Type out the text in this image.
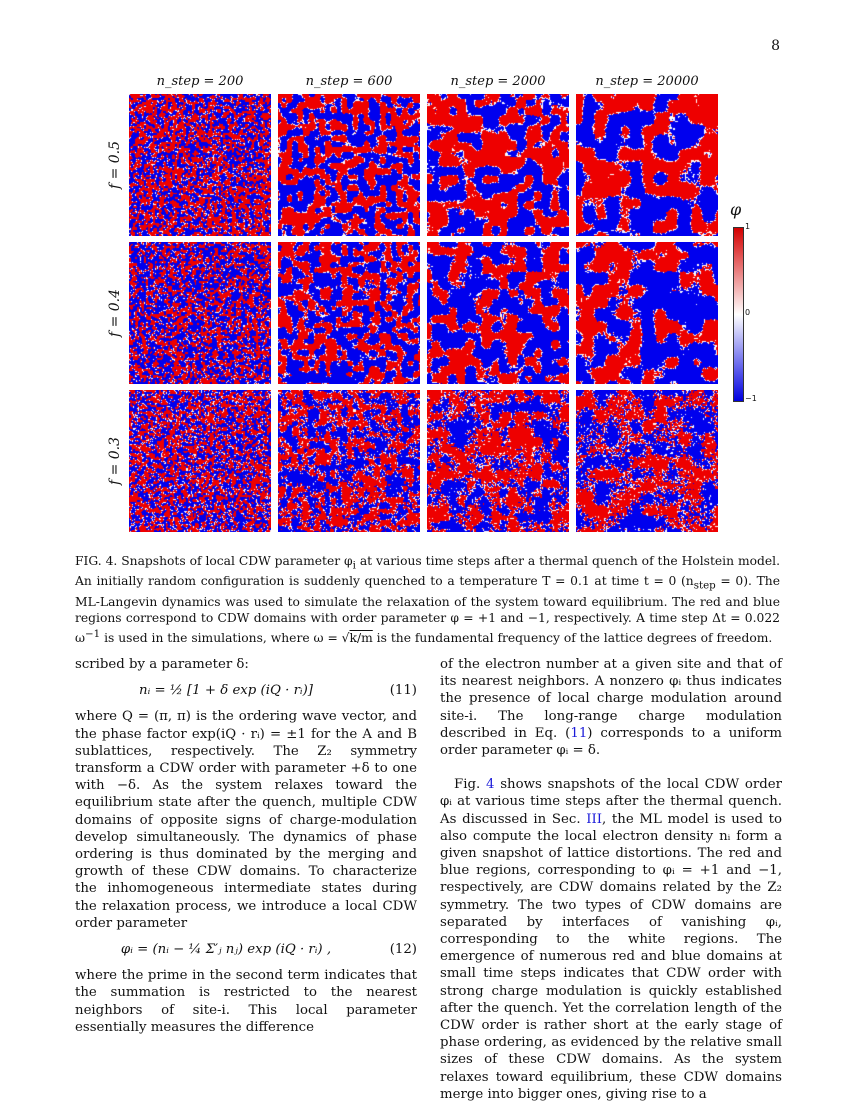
8
n_step = 200	n_step = 600	n_step = 2000	n_step = 20000
f = 0.5
f = 0.4
f = 0.3
φ
1
0
−1
FIG. 4. Snapshots of local CDW parameter $\varphi_i$ at various time steps after a thermal quench of the Holstein model. An initially random configuration is suddenly quenched to a temperature T = 0.1 at time t = 0 $(n_{step} = 0)$. The ML-Langevin dynamics was used to simulate the relaxation of the system toward equilibrium. The red and blue regions correspond to CDW domains with order parameter φ = +1 and −1, respectively. A time step Δt = 0.022 $\omega^{-1}$ is used in the simulations, where ω = √k/m is the fundamental frequency of the lattice degrees of freedom.

scribed by a parameter δ:

nᵢ = ½ [1 + δ exp (iQ · rᵢ)]	(11)

where Q = (π, π) is the ordering wave vector, and the phase factor exp(iQ · rᵢ) = ±1 for the A and B sublattices, respectively. The Z₂ symmetry transform a CDW order with parameter +δ to one with −δ. As the system relaxes toward the equilibrium state after the quench, multiple CDW domains of opposite signs of charge-modulation develop simultaneously. The dynamics of phase ordering is thus dominated by the merging and growth of these CDW domains. To characterize the inhomogeneous intermediate states during the relaxation process, we introduce a local CDW order parameter

φᵢ = (nᵢ − ¼ Σ′ⱼ nⱼ) exp (iQ · rᵢ) ,	(12)

where the prime in the second term indicates that the summation is restricted to the nearest neighbors of site-i. This local parameter essentially measures the difference

of the electron number at a given site and that of its nearest neighbors. A nonzero φᵢ thus indicates the presence of local charge modulation around site-i. The long-range charge modulation described in Eq. (11) corresponds to a uniform order parameter φᵢ = δ.

Fig. 4 shows snapshots of the local CDW order φᵢ at various time steps after the thermal quench. As discussed in Sec. III, the ML model is used to also compute the local electron density nᵢ form a given snapshot of lattice distortions. The red and blue regions, corresponding to φᵢ = +1 and −1, respectively, are CDW domains related by the Z₂ symmetry. The two types of CDW domains are separated by interfaces of vanishing φᵢ, corresponding to the white regions. The emergence of numerous red and blue domains at small time steps indicates that CDW order with strong charge modulation is quickly established after the quench. Yet the correlation length of the CDW order is rather short at the early stage of phase ordering, as evidenced by the relative small sizes of these CDW domains. As the system relaxes toward equilibrium, these CDW domains merge into bigger ones, giving rise to a
